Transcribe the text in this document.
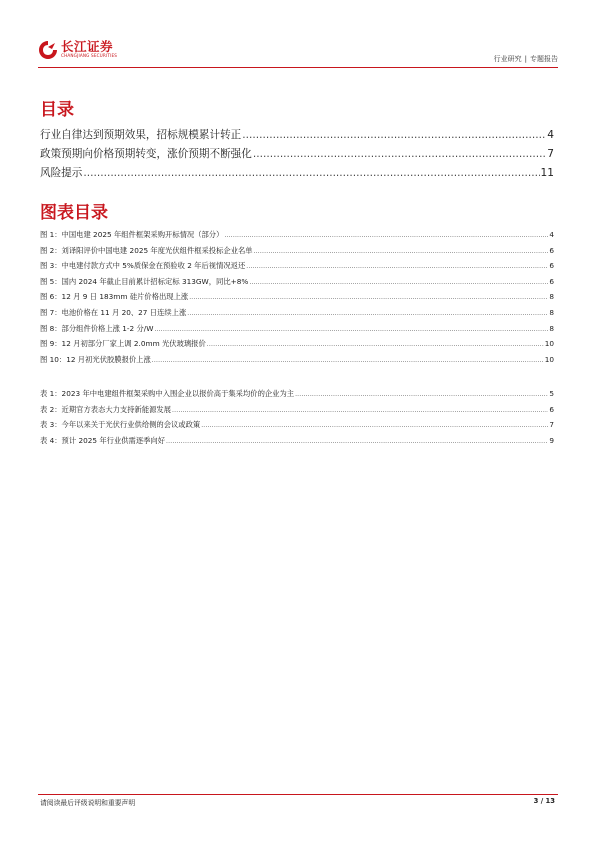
长江证券
CHANGJIANG SECURITIES	行业研究 | 专题报告
目录
行业自律达到预期效果，招标规模累计转正 .....	4
政策预期向价格预期转变，涨价预期不断强化 .....	7
风险提示 .....	11
图表目录
图 1：中国电建 2025 年组件框架采购开标情况（部分） .....	4
图 2：刘译阳评价中国电建 2025 年度光伏组件框采投标企业名单 .....	6
图 3：中电建付款方式中 5%质保金在预验收 2 年后视情况返还 .....	6
图 5：国内 2024 年截止目前累计招标定标 313GW，同比+8% .....	6
图 6：12 月 9 日 183mm 硅片价格出现上涨 .....	8
图 7：电池价格在 11 月 20、27 日连续上涨 .....	8
图 8：部分组件价格上涨 1-2 分/W .....	8
图 9：12 月初部分厂家上调 2.0mm 光伏玻璃报价 .....	10
图 10：12 月初光伏胶膜报价上涨 .....	10
表 1：2023 年中电建组件框架采购中入围企业以报价高于集采均价的企业为主 .....	5
表 2：近期官方表态大力支持新能源发展 .....	6
表 3：今年以来关于光伏行业供给侧的会议或政策 .....	7
表 4：预计 2025 年行业供需逐季向好 .....	9
请阅读最后评级说明和重要声明	3 / 13
